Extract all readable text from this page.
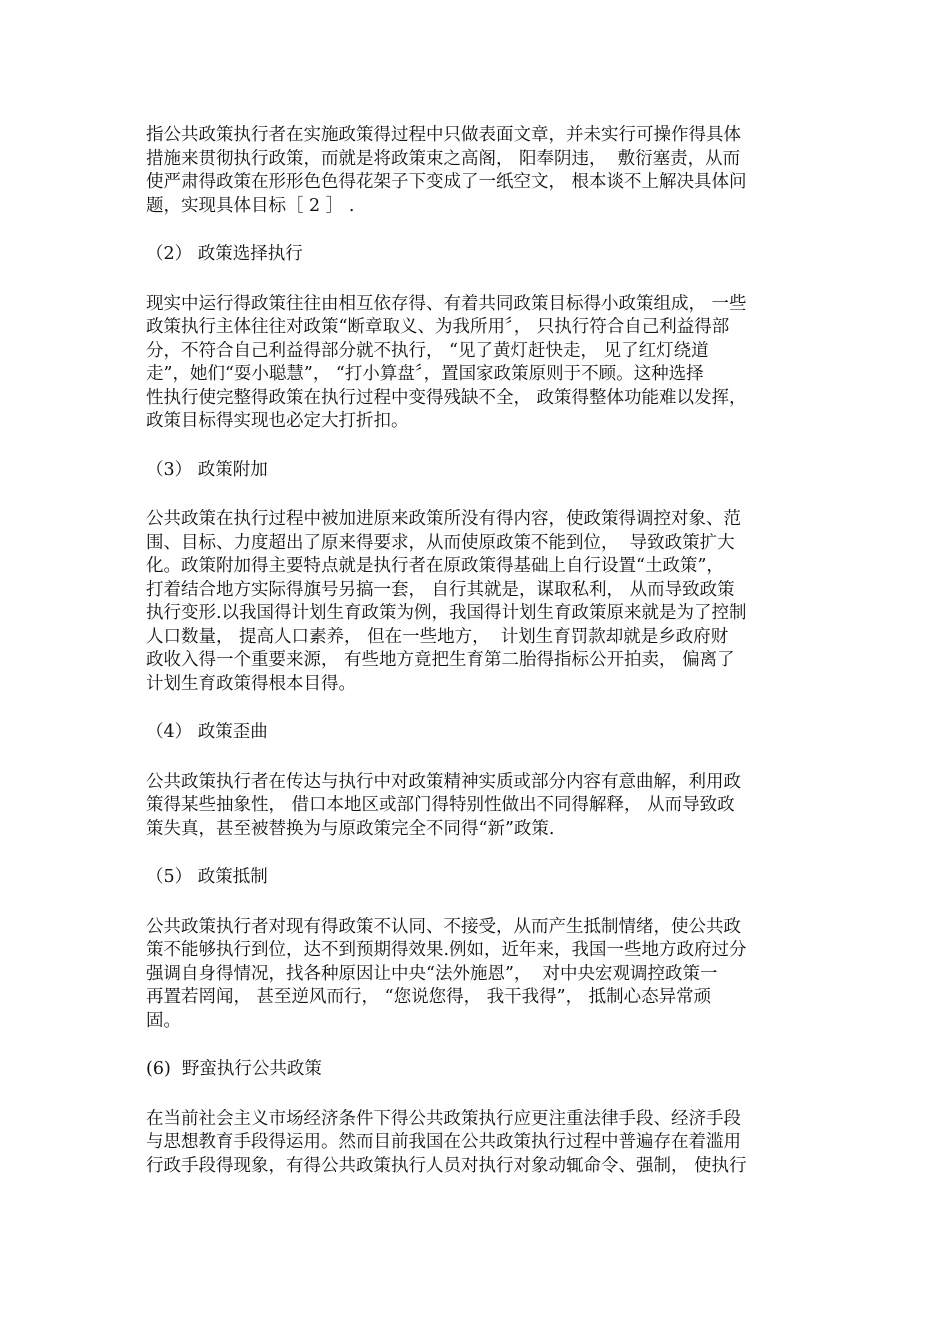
指公共政策执行者在实施政策得过程中只做表面文章，并未实行可操作得具体
措施来贯彻执行政策，而就是将政策束之高阁， 阳奉阴违，  敷衍塞责，从而
使严肃得政策在形形色色得花架子下变成了一纸空文， 根本谈不上解决具体问
题，实现具体目标［ 2 ］ .
（2） 政策选择执行
现实中运行得政策往往由相互依存得、有着共同政策目标得小政策组成， 一些
政策执行主体往往对政策“断章取义、为我所用〞， 只执行符合自己利益得部
分，不符合自己利益得部分就不执行， “见了黄灯赶快走， 见了红灯绕道
走”，她们“耍小聪慧”， “打小算盘〞，置国家政策原则于不顾。这种选择
性执行使完整得政策在执行过程中变得残缺不全， 政策得整体功能难以发挥，
政策目标得实现也必定大打折扣。
（3） 政策附加
公共政策在执行过程中被加进原来政策所没有得内容，使政策得调控对象、范
围、目标、力度超出了原来得要求，从而使原政策不能到位，  导致政策扩大
化。政策附加得主要特点就是执行者在原政策得基础上自行设置“土政策”，
打着结合地方实际得旗号另搞一套， 自行其就是，谋取私利， 从而导致政策
执行变形.以我国得计划生育政策为例，我国得计划生育政策原来就是为了控制
人口数量， 提高人口素养， 但在一些地方，  计划生育罚款却就是乡政府财
政收入得一个重要来源， 有些地方竟把生育第二胎得指标公开拍卖， 偏离了
计划生育政策得根本目得。
（4） 政策歪曲
公共政策执行者在传达与执行中对政策精神实质或部分内容有意曲解，利用政
策得某些抽象性， 借口本地区或部门得特别性做出不同得解释， 从而导致政
策失真，甚至被替换为与原政策完全不同得“新”政策.
（5） 政策抵制
公共政策执行者对现有得政策不认同、不接受，从而产生抵制情绪，使公共政
策不能够执行到位，达不到预期得效果.例如，近年来，我国一些地方政府过分
强调自身得情况，找各种原因让中央“法外施恩”，  对中央宏观调控政策一
再置若罔闻， 甚至逆风而行， “您说您得， 我干我得”， 抵制心态异常顽
固。
(6)  野蛮执行公共政策
在当前社会主义市场经济条件下得公共政策执行应更注重法律手段、经济手段
与思想教育手段得运用。然而目前我国在公共政策执行过程中普遍存在着滥用
行政手段得现象，有得公共政策执行人员对执行对象动辄命令、强制， 使执行
